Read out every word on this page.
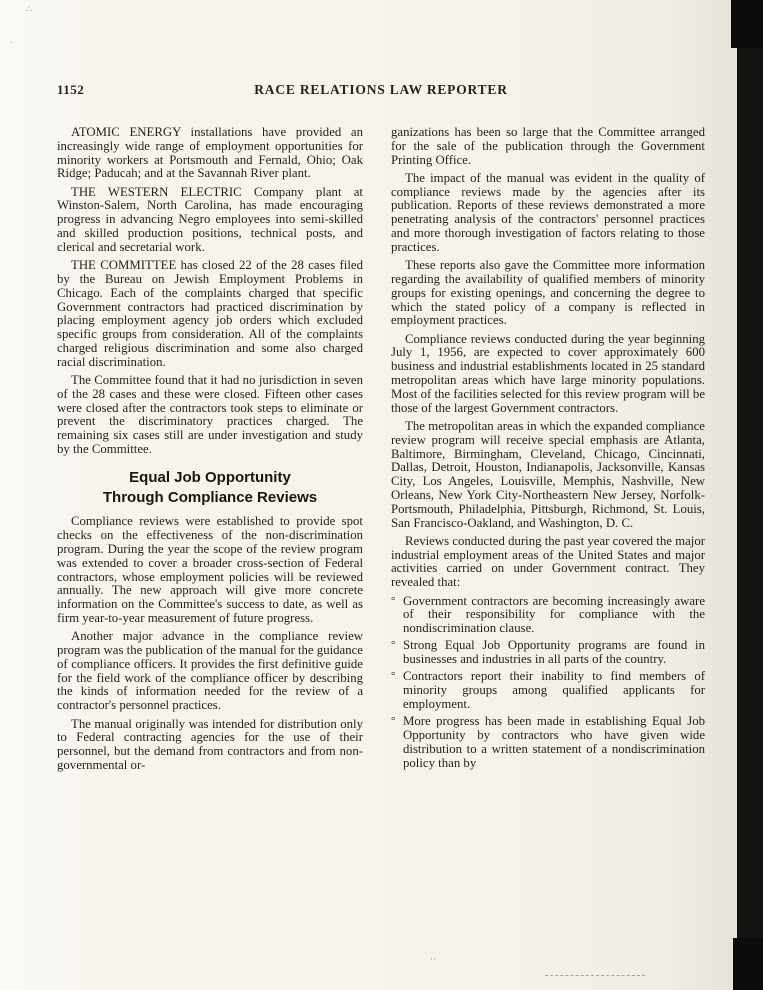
∴
·
··
1152	RACE RELATIONS LAW REPORTER

ATOMIC ENERGY installations have provided an increasingly wide range of employment opportunities for minority workers at Portsmouth and Fernald, Ohio; Oak Ridge; Paducah; and at the Savannah River plant.

THE WESTERN ELECTRIC Company plant at Winston-Salem, North Carolina, has made encouraging progress in advancing Negro employees into semi-skilled and skilled production positions, technical posts, and clerical and secretarial work.

THE COMMITTEE has closed 22 of the 28 cases filed by the Bureau on Jewish Employment Problems in Chicago. Each of the complaints charged that specific Government contractors had practiced discrimination by placing employment agency job orders which excluded specific groups from consideration. All of the complaints charged religious discrimination and some also charged racial discrimination.

The Committee found that it had no jurisdiction in seven of the 28 cases and these were closed. Fifteen other cases were closed after the contractors took steps to eliminate or prevent the discriminatory practices charged. The remaining six cases still are under investigation and study by the Committee.

Equal Job Opportunity
Through Compliance Reviews

Compliance reviews were established to provide spot checks on the effectiveness of the non-discrimination program. During the year the scope of the review program was extended to cover a broader cross-section of Federal contractors, whose employment policies will be reviewed annually. The new approach will give more concrete information on the Committee's success to date, as well as firm year-to-year measurement of future progress.

Another major advance in the compliance review program was the publication of the manual for the guidance of compliance officers. It provides the first definitive guide for the field work of the compliance officer by describing the kinds of information needed for the review of a contractor's personnel practices.

The manual originally was intended for distribution only to Federal contracting agencies for the use of their personnel, but the demand from contractors and from non-governmental or-

ganizations has been so large that the Committee arranged for the sale of the publication through the Government Printing Office.

The impact of the manual was evident in the quality of compliance reviews made by the agencies after its publication. Reports of these reviews demonstrated a more penetrating analysis of the contractors' personnel practices and more thorough investigation of factors relating to those practices.

These reports also gave the Committee more information regarding the availability of qualified members of minority groups for existing openings, and concerning the degree to which the stated policy of a company is reflected in employment practices.

Compliance reviews conducted during the year beginning July 1, 1956, are expected to cover approximately 600 business and industrial establishments located in 25 standard metropolitan areas which have large minority populations. Most of the facilities selected for this review program will be those of the largest Government contractors.

The metropolitan areas in which the expanded compliance review program will receive special emphasis are Atlanta, Baltimore, Birmingham, Cleveland, Chicago, Cincinnati, Dallas, Detroit, Houston, Indianapolis, Jacksonville, Kansas City, Los Angeles, Louisville, Memphis, Nashville, New Orleans, New York City-Northeastern New Jersey, Norfolk-Portsmouth, Philadelphia, Pittsburgh, Richmond, St. Louis, San Francisco-Oakland, and Washington, D. C.

Reviews conducted during the past year covered the major industrial employment areas of the United States and major activities carried on under Government contract. They revealed that:

° Government contractors are becoming increasingly aware of their responsibility for compliance with the nondiscrimination clause.
° Strong Equal Job Opportunity programs are found in businesses and industries in all parts of the country.
° Contractors report their inability to find members of minority groups among qualified applicants for employment.
° More progress has been made in establishing Equal Job Opportunity by contractors who have given wide distribution to a written statement of a nondiscrimination policy than by
